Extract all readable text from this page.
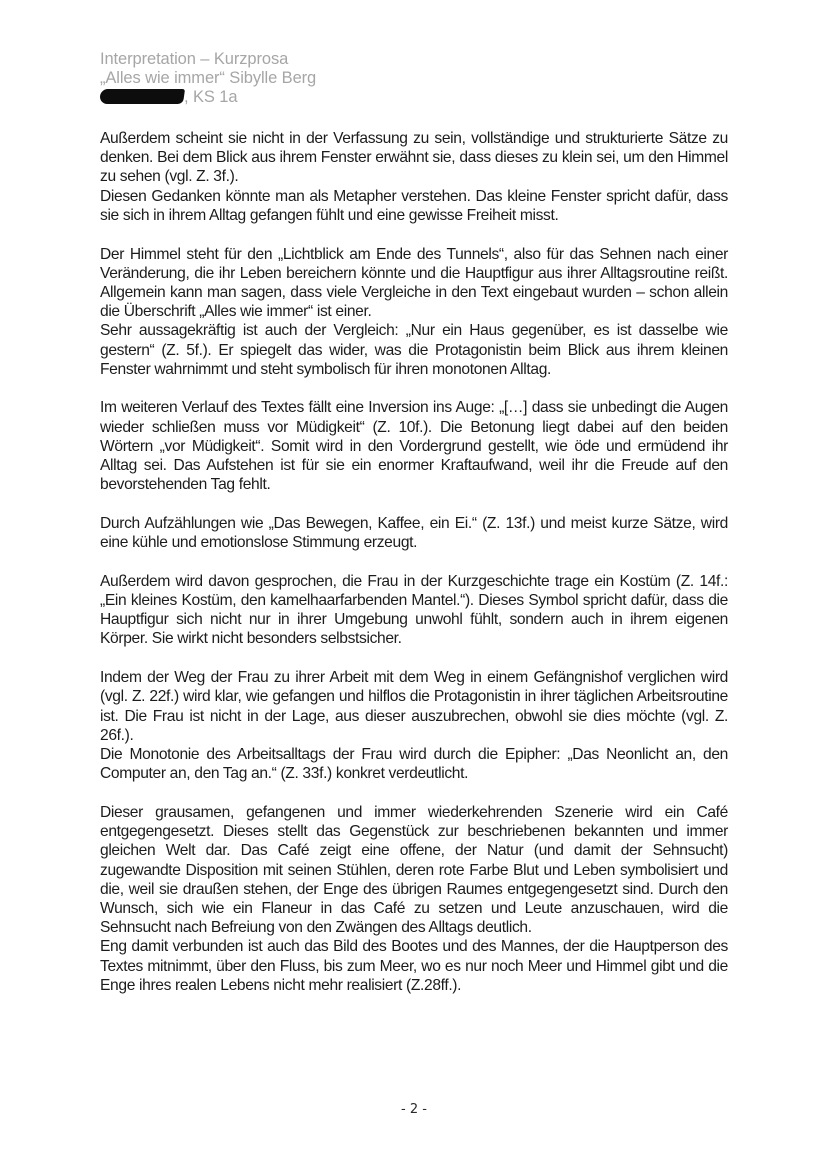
Interpretation – Kurzprosa
„Alles wie immer“ Sibylle Berg
, KS 1a

Außerdem scheint sie nicht in der Verfassung zu sein, vollständige und strukturierte Sätze zu denken. Bei dem Blick aus ihrem Fenster erwähnt sie, dass dieses zu klein sei, um den Himmel zu sehen (vgl. Z. 3f.).

Diesen Gedanken könnte man als Metapher verstehen. Das kleine Fenster spricht dafür, dass sie sich in ihrem Alltag gefangen fühlt und eine gewisse Freiheit misst.

Der Himmel steht für den „Lichtblick am Ende des Tunnels“, also für das Sehnen nach einer Veränderung, die ihr Leben bereichern könnte und die Hauptfigur aus ihrer Alltagsroutine reißt. Allgemein kann man sagen, dass viele Vergleiche in den Text eingebaut wurden – schon allein die Überschrift „Alles wie immer“ ist einer.

Sehr aussagekräftig ist auch der Vergleich: „Nur ein Haus gegenüber, es ist dasselbe wie gestern“ (Z. 5f.). Er spiegelt das wider, was die Protagonistin beim Blick aus ihrem kleinen Fenster wahrnimmt und steht symbolisch für ihren monotonen Alltag.

Im weiteren Verlauf des Textes fällt eine Inversion ins Auge: „[…] dass sie unbedingt die Augen wieder schließen muss vor Müdigkeit“ (Z. 10f.). Die Betonung liegt dabei auf den beiden Wörtern „vor Müdigkeit“. Somit wird in den Vordergrund gestellt, wie öde und ermüdend ihr Alltag sei. Das Aufstehen ist für sie ein enormer Kraftaufwand, weil ihr die Freude auf den bevorstehenden Tag fehlt.

Durch Aufzählungen wie „Das Bewegen, Kaffee, ein Ei.“ (Z. 13f.) und meist kurze Sätze, wird eine kühle und emotionslose Stimmung erzeugt.

Außerdem wird davon gesprochen, die Frau in der Kurzgeschichte trage ein Kostüm (Z. 14f.: „Ein kleines Kostüm, den kamelhaarfarbenden Mantel.“). Dieses Symbol spricht dafür, dass die Hauptfigur sich nicht nur in ihrer Umgebung unwohl fühlt, sondern auch in ihrem eigenen Körper. Sie wirkt nicht besonders selbstsicher.

Indem der Weg der Frau zu ihrer Arbeit mit dem Weg in einem Gefängnishof verglichen wird (vgl. Z. 22f.) wird klar, wie gefangen und hilflos die Protagonistin in ihrer täglichen Arbeitsroutine ist. Die Frau ist nicht in der Lage, aus dieser auszubrechen, obwohl sie dies möchte (vgl. Z. 26f.).

Die Monotonie des Arbeitsalltags der Frau wird durch die Epipher: „Das Neonlicht an, den Computer an, den Tag an.“ (Z. 33f.) konkret verdeutlicht.

Dieser grausamen, gefangenen und immer wiederkehrenden Szenerie wird ein Café entgegengesetzt. Dieses stellt das Gegenstück zur beschriebenen bekannten und immer gleichen Welt dar. Das Café zeigt eine offene, der Natur (und damit der Sehnsucht) zugewandte Disposition mit seinen Stühlen, deren rote Farbe Blut und Leben symbolisiert und die, weil sie draußen stehen, der Enge des übrigen Raumes entgegengesetzt sind. Durch den Wunsch, sich wie ein Flaneur in das Café zu setzen und Leute anzuschauen, wird die Sehnsucht nach Befreiung von den Zwängen des Alltags deutlich.

Eng damit verbunden ist auch das Bild des Bootes und des Mannes, der die Hauptperson des Textes mitnimmt, über den Fluss, bis zum Meer, wo es nur noch Meer und Himmel gibt und die Enge ihres realen Lebens nicht mehr realisiert (Z.28ff.).

- 2 -
